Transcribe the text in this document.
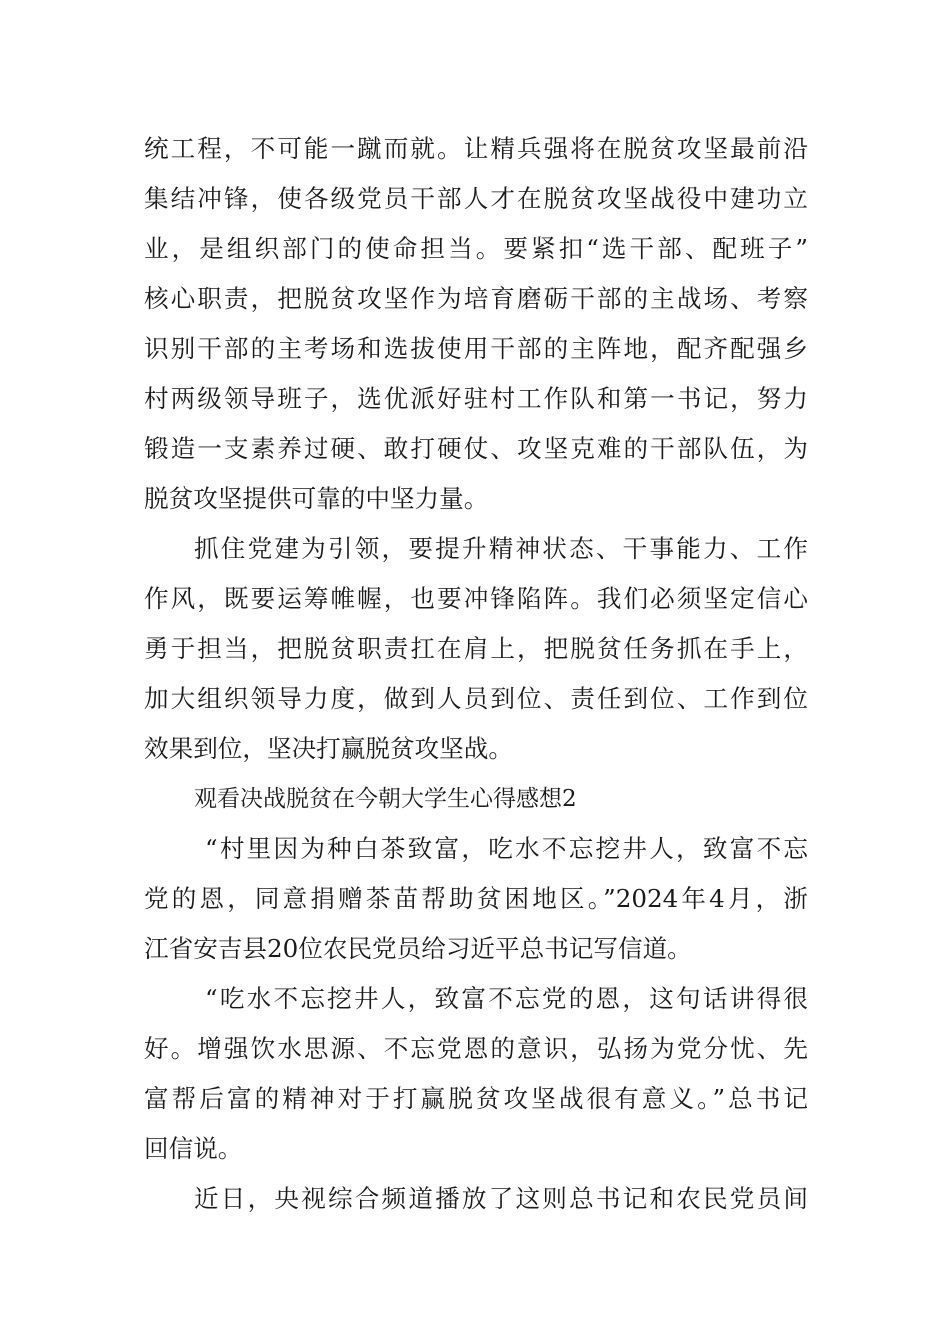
统工程，不可能一蹴而就。让精兵强将在脱贫攻坚最前沿
集结冲锋，使各级党员干部人才在脱贫攻坚战役中建功立
业，是组织部门的使命担当。要紧扣“选干部、配班子”
核心职责，把脱贫攻坚作为培育磨砺干部的主战场、考察
识别干部的主考场和选拔使用干部的主阵地，配齐配强乡
村两级领导班子，选优派好驻村工作队和第一书记，努力
锻造一支素养过硬、敢打硬仗、攻坚克难的干部队伍，为
脱贫攻坚提供可靠的中坚力量。
抓住党建为引领，要提升精神状态、干事能力、工作
作风，既要运筹帷幄，也要冲锋陷阵。我们必须坚定信心
勇于担当，把脱贫职责扛在肩上，把脱贫任务抓在手上，
加大组织领导力度，做到人员到位、责任到位、工作到位
效果到位，坚决打赢脱贫攻坚战。
观看决战脱贫在今朝大学生心得感想2
“村里因为种白茶致富，吃水不忘挖井人，致富不忘
党的恩，同意捐赠茶苗帮助贫困地区。”2024年4月，浙
江省安吉县20位农民党员给习近平总书记写信道。
“吃水不忘挖井人，致富不忘党的恩，这句话讲得很
好。增强饮水思源、不忘党恩的意识，弘扬为党分忧、先
富帮后富的精神对于打赢脱贫攻坚战很有意义。”总书记
回信说。
近日，央视综合频道播放了这则总书记和农民党员间
